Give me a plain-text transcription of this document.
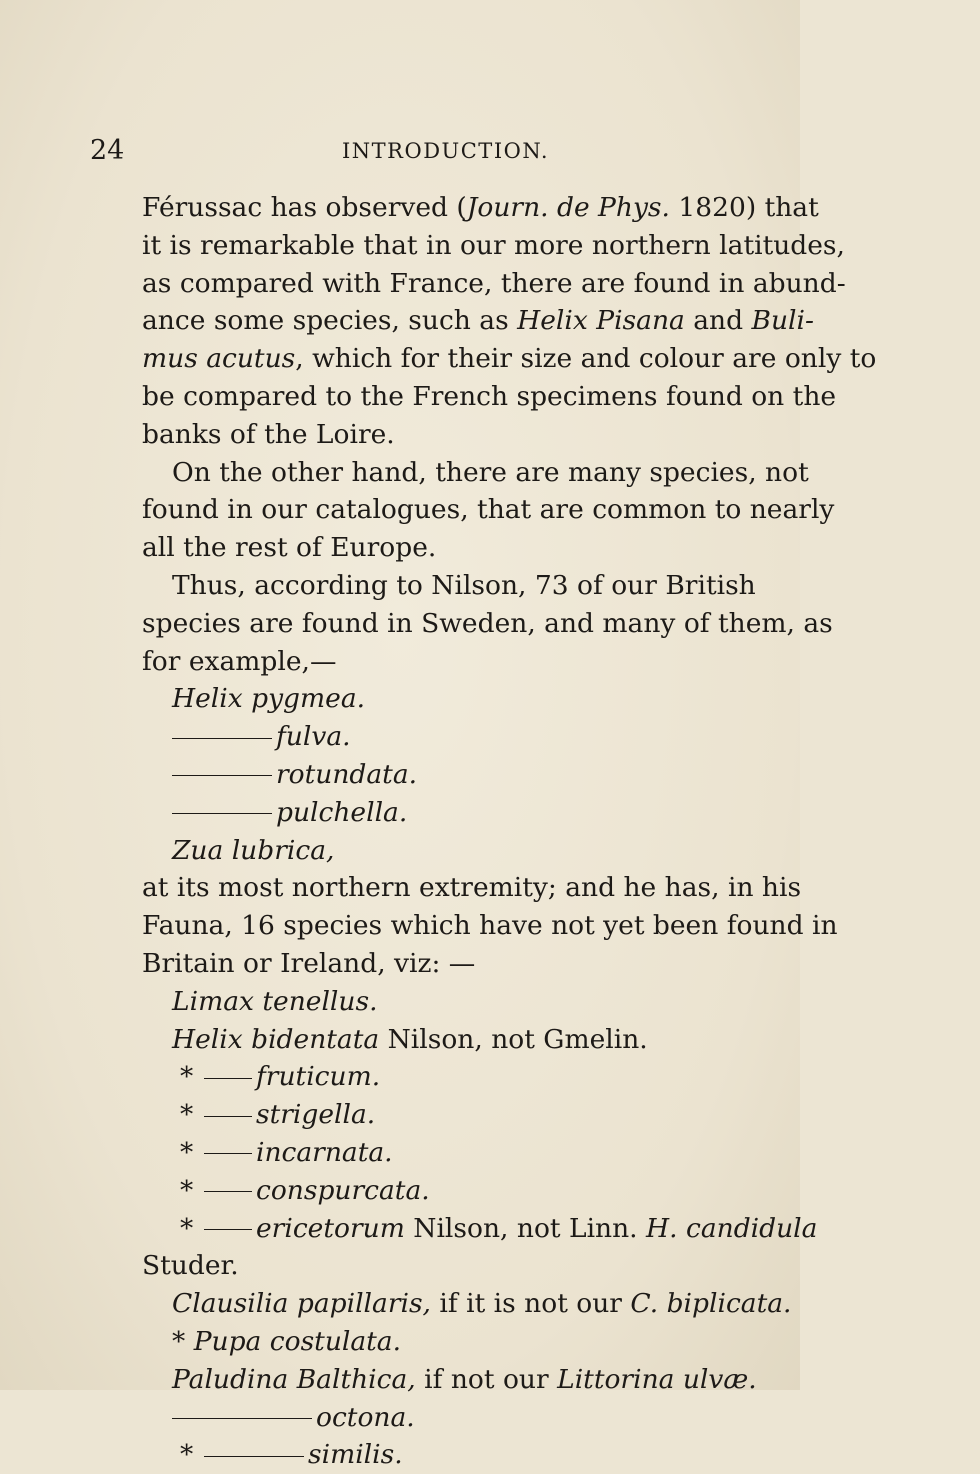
24	INTRODUCTION.
Férussac has observed (Journ. de Phys. 1820) that
it is remarkable that in our more northern latitudes,
as compared with France, there are found in abund-
ance some species, such as Helix Pisana and Buli-
mus acutus, which for their size and colour are only to
be compared to the French specimens found on the
banks of the Loire.
On the other hand, there are many species, not
found in our catalogues, that are common to nearly
all the rest of Europe.
Thus, according to Nilson, 73 of our British
species are found in Sweden, and many of them, as
for example,—
Helix pygmea.
fulva.
rotundata.
pulchella.
Zua lubrica,
at its most northern extremity; and he has, in his
Fauna, 16 species which have not yet been found in
Britain or Ireland, viz: —
Limax tenellus.
Helix bidentata Nilson, not Gmelin.
* fruticum.
* strigella.
* incarnata.
* conspurcata.
* ericetorum Nilson, not Linn. H. candidula
Studer.
Clausilia papillaris, if it is not our C. biplicata.
* Pupa costulata.
Paludina Balthica, if not our Littorina ulvæ.
octona.
*	similis.
